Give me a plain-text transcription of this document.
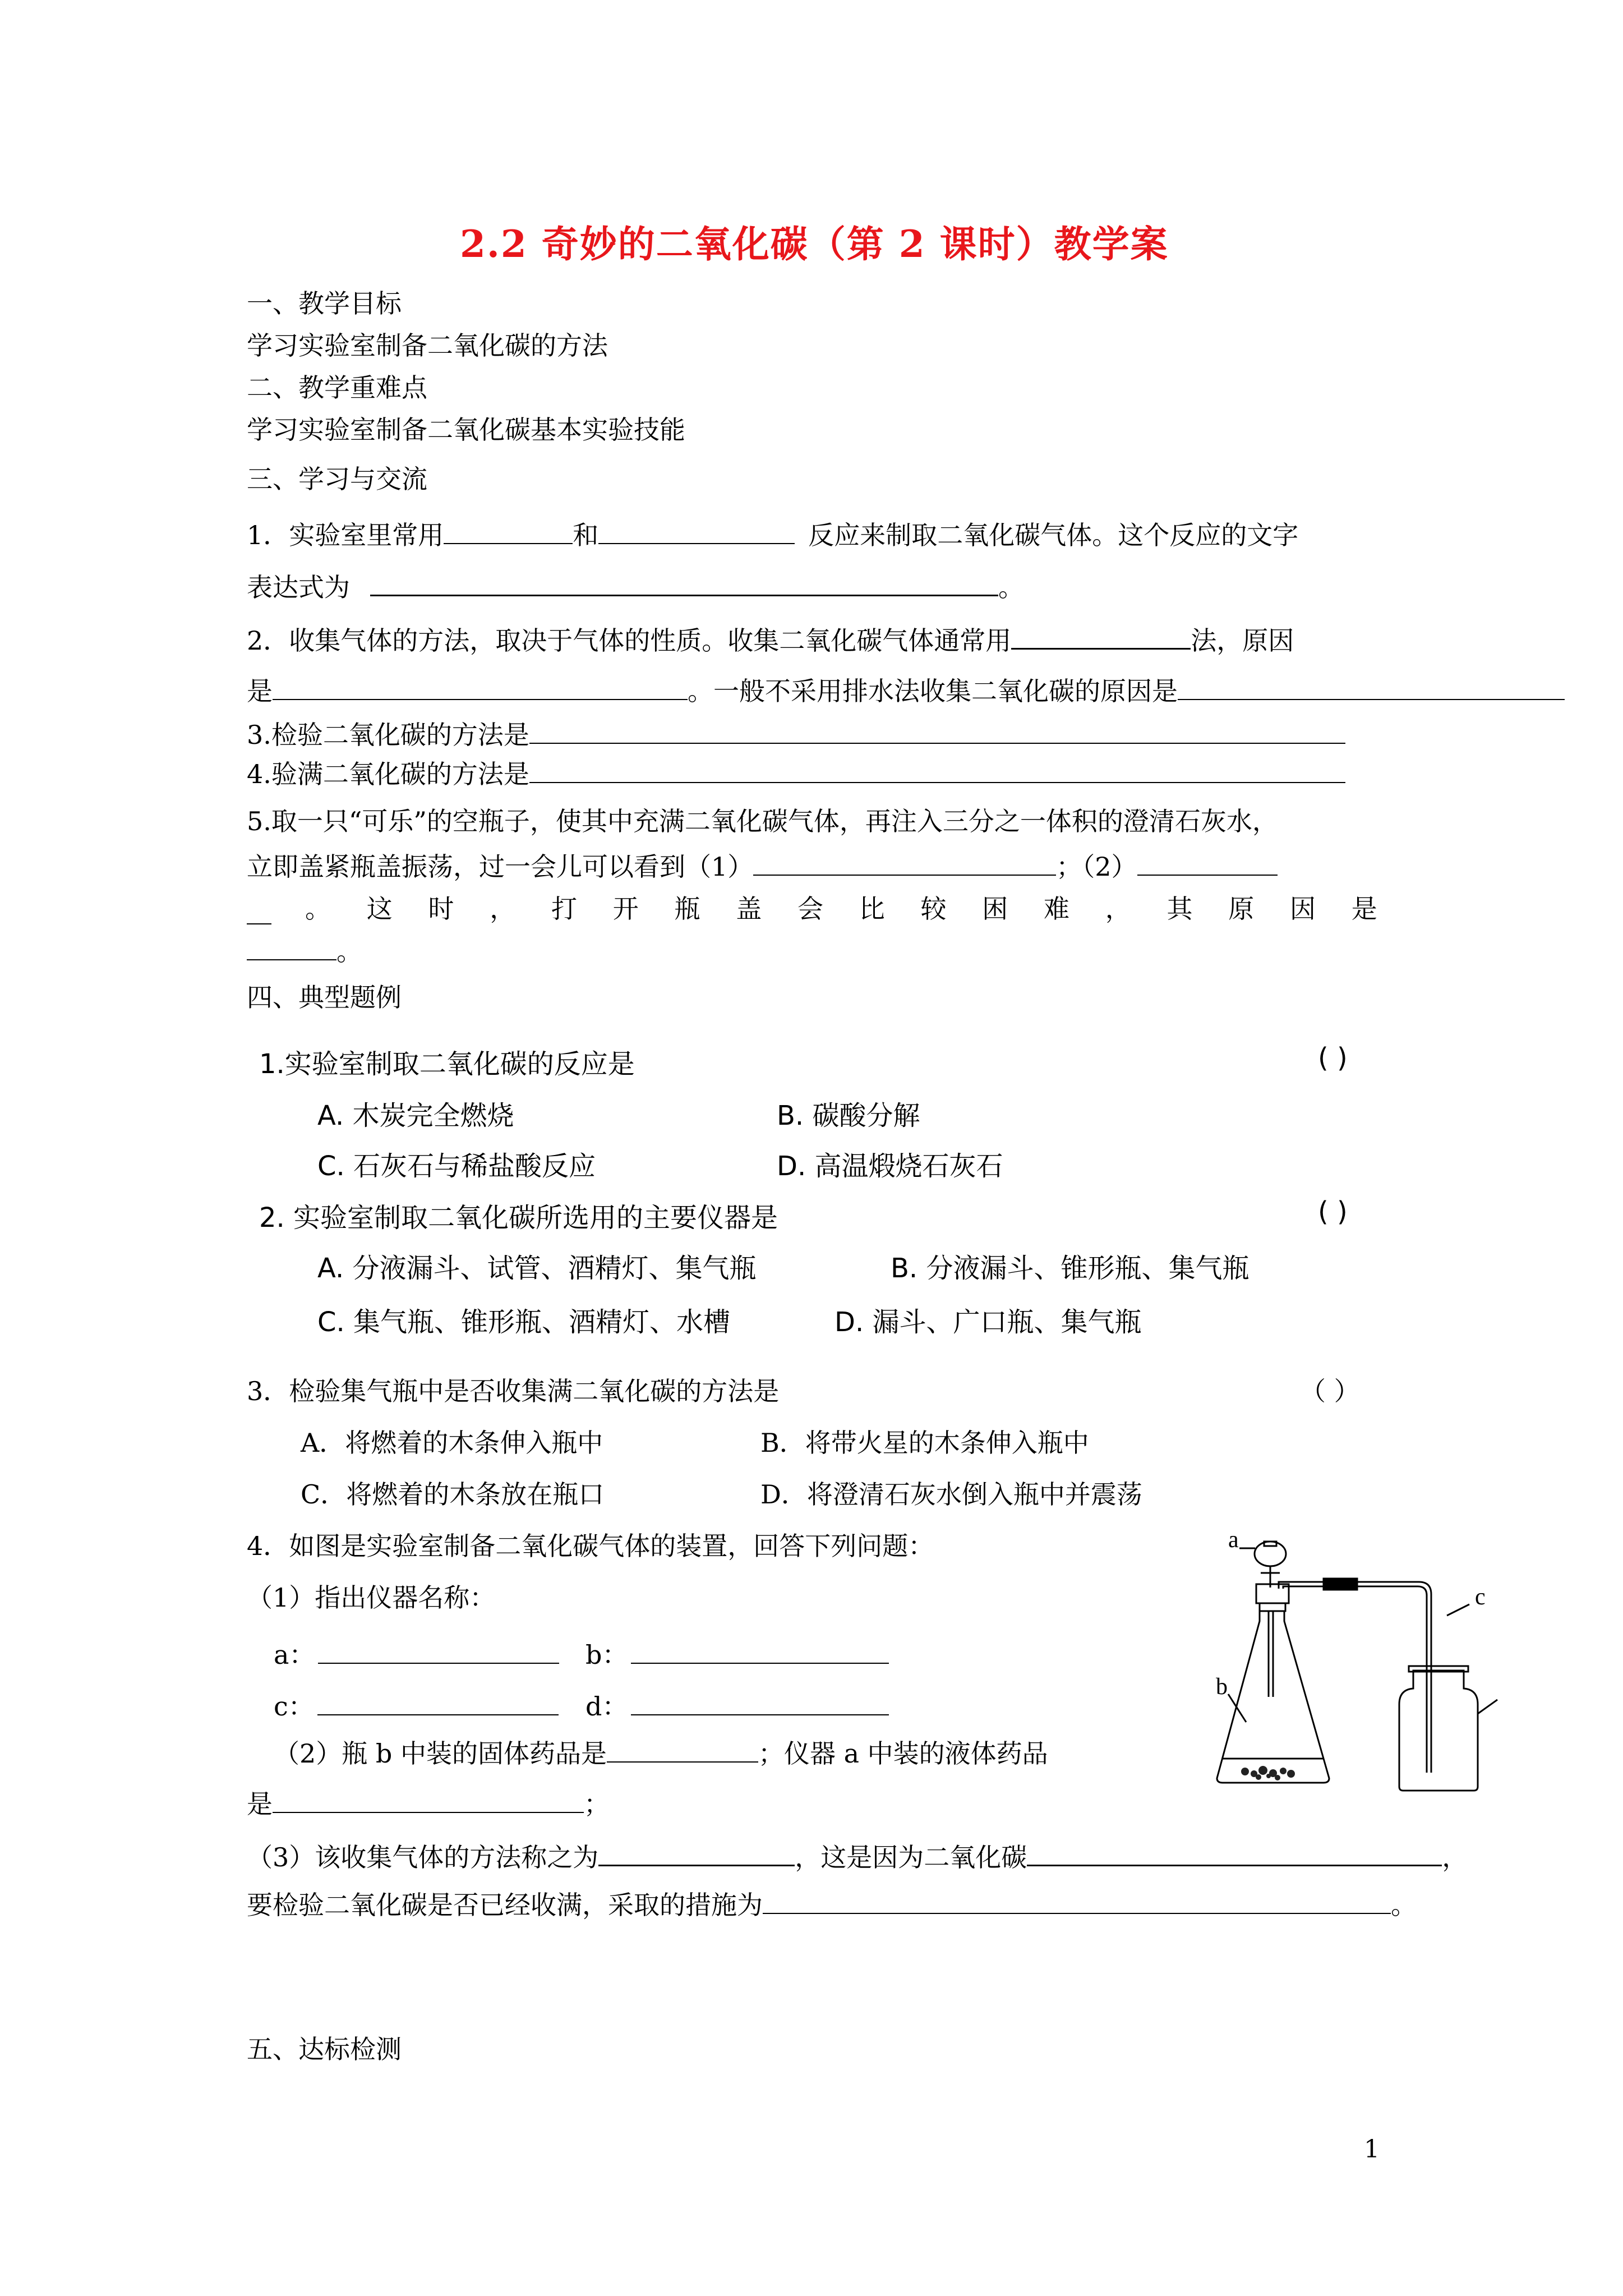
2.2 奇妙的二氧化碳（第 2 课时）教学案
一、教学目标
学习实验室制备二氧化碳的方法
二、教学重难点
学习实验室制备二氧化碳基本实验技能
三、学习与交流
1．实验室里常用	和	反应来制取二氧化碳气体。这个反应的文字
表达式为	。
2．收集气体的方法，取决于气体的性质。收集二氧化碳气体通常用	法，原因
是	。一般不采用排水法收集二氧化碳的原因是
3.检验二氧化碳的方法是
4.验满二氧化碳的方法是
5.取一只“可乐”的空瓶子，使其中充满二氧化碳气体，再注入三分之一体积的澄清石灰水，
立即盖紧瓶盖振荡，过一会儿可以看到（1）	；（2）
。 这 时 ， 打 开 瓶 盖 会 比 较 困 难 ， 其 原 因 是
。
四、典型题例
1.实验室制取二氧化碳的反应是	( )
A. 木炭完全燃烧	B. 碳酸分解
C. 石灰石与稀盐酸反应	D. 高温煅烧石灰石
2. 实验室制取二氧化碳所选用的主要仪器是	( )
A. 分液漏斗、试管、酒精灯、集气瓶	B. 分液漏斗、锥形瓶、集气瓶
C. 集气瓶、锥形瓶、酒精灯、水槽	D. 漏斗、广口瓶、集气瓶
3．检验集气瓶中是否收集满二氧化碳的方法是	（ ）
A．将燃着的木条伸入瓶中	B．将带火星的木条伸入瓶中
C．将燃着的木条放在瓶口	D．将澄清石灰水倒入瓶中并震荡
4．如图是实验室制备二氧化碳气体的装置，回答下列问题：
（1）指出仪器名称：
a：	b：
c：	d：
（2）瓶 b 中装的固体药品是	；仪器 a 中装的液体药品
是	；
（3）该收集气体的方法称之为	，这是因为二氧化碳	，
要检验二氧化碳是否已经收满，采取的措施为	。
a
b
c
五、达标检测
1
